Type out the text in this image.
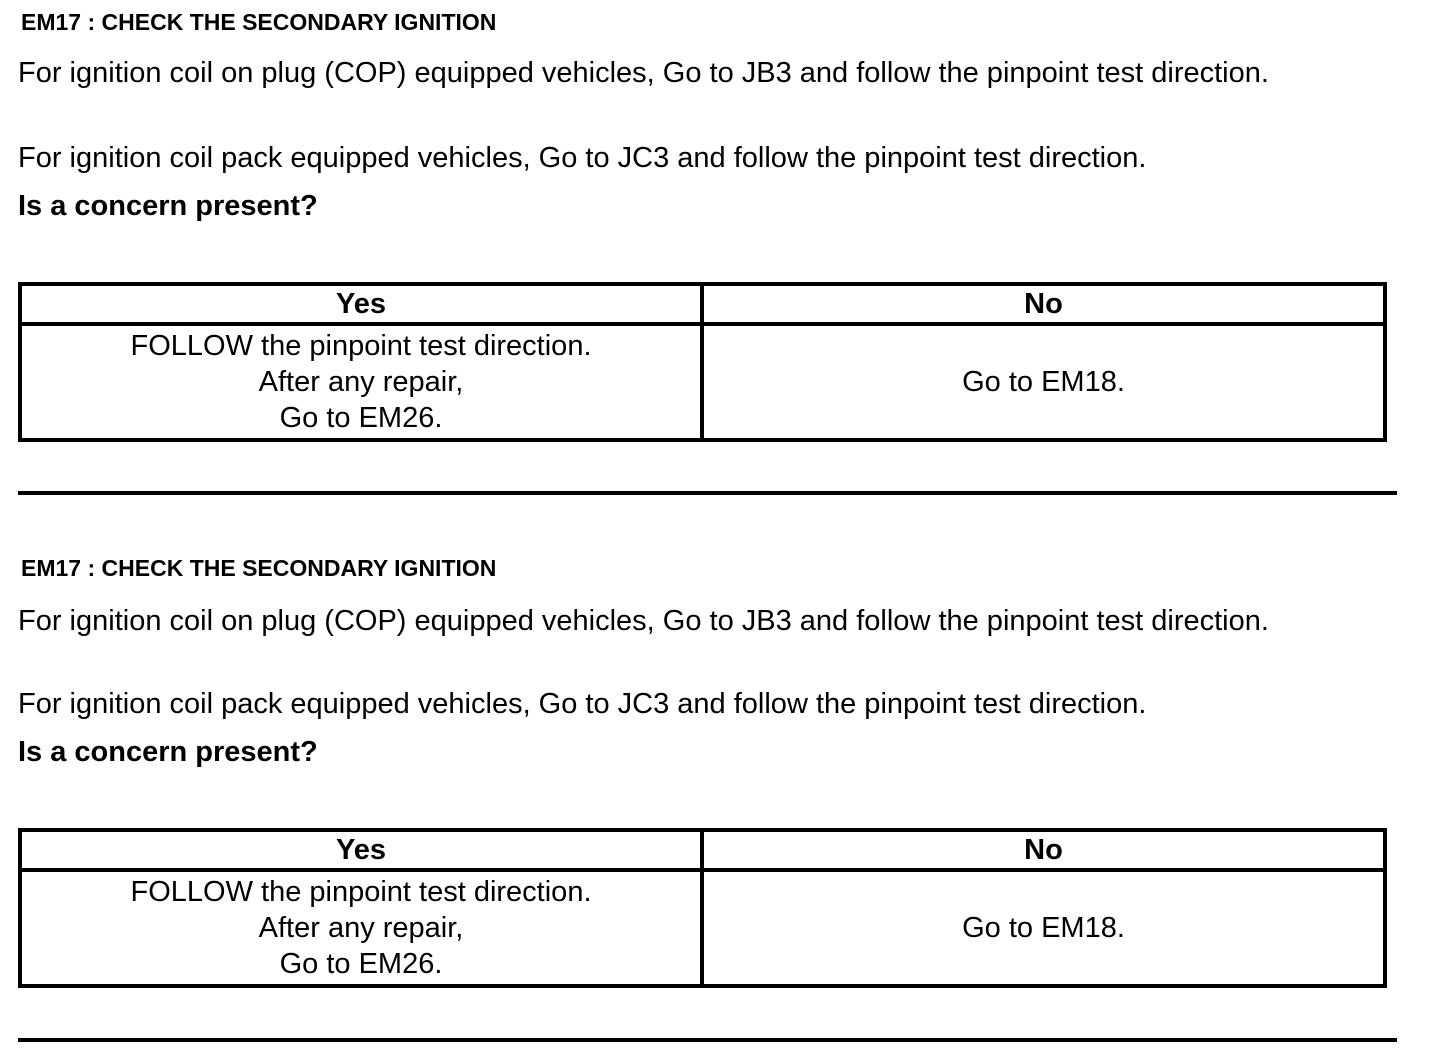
EM17 : CHECK THE SECONDARY IGNITION
For ignition coil on plug (COP) equipped vehicles, Go to JB3 and follow the pinpoint test direction.
For ignition coil pack equipped vehicles, Go to JC3 and follow the pinpoint test direction.
Is a concern present?
Yes	No

FOLLOW the pinpoint test direction.
After any repair,
Go to EM26.	Go to EM18.
EM17 : CHECK THE SECONDARY IGNITION
For ignition coil on plug (COP) equipped vehicles, Go to JB3 and follow the pinpoint test direction.
For ignition coil pack equipped vehicles, Go to JC3 and follow the pinpoint test direction.
Is a concern present?
Yes	No

FOLLOW the pinpoint test direction.
After any repair,
Go to EM26.	Go to EM18.
